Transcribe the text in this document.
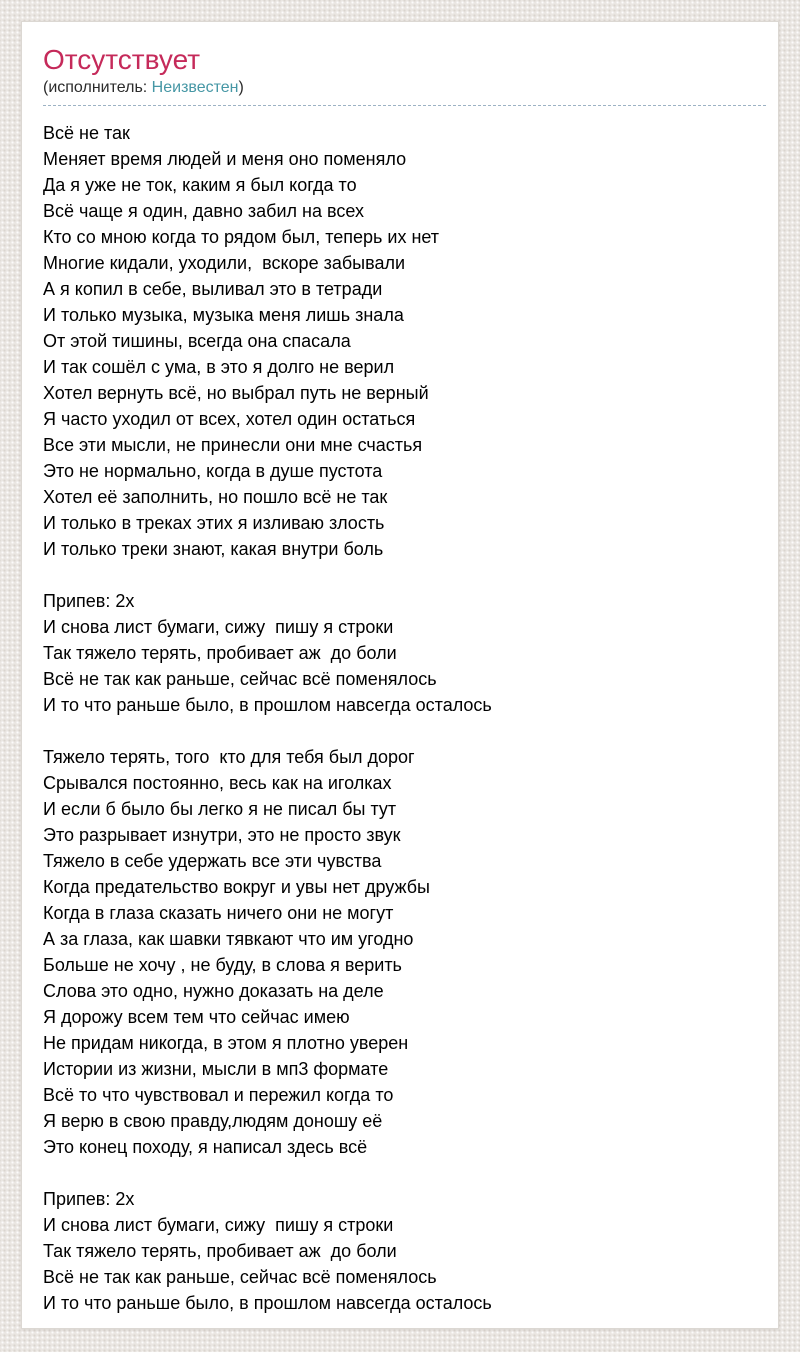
Отсутствует
(исполнитель: Неизвестен)
Всё не так
Меняет время людей и меня оно поменяло
Да я уже не ток, каким я был когда то
Всё чаще я один, давно забил на всех
Кто со мною когда то рядом был, теперь их нет
Многие кидали, уходили,  вскоре забывали
А я копил в себе, выливал это в тетради
И только музыка, музыка меня лишь знала
От этой тишины, всегда она спасала
И так сошёл с ума, в это я долго не верил
Хотел вернуть всё, но выбрал путь не верный
Я часто уходил от всех, хотел один остаться
Все эти мысли, не принесли они мне счастья
Это не нормально, когда в душе пустота
Хотел её заполнить, но пошло всё не так
И только в треках этих я изливаю злость
И только треки знают, какая внутри боль

Припев: 2х
И снова лист бумаги, сижу  пишу я строки
Так тяжело терять, пробивает аж  до боли
Всё не так как раньше, сейчас всё поменялось
И то что раньше было, в прошлом навсегда осталось

Тяжело терять, того  кто для тебя был дорог
Срывался постоянно, весь как на иголках
И если б было бы легко я не писал бы тут
Это разрывает изнутри, это не просто звук
Тяжело в себе удержать все эти чувства
Когда предательство вокруг и увы нет дружбы
Когда в глаза сказать ничего они не могут
А за глаза, как шавки тявкают что им угодно
Больше не хочу , не буду, в слова я верить
Слова это одно, нужно доказать на деле
Я дорожу всем тем что сейчас имею
Не придам никогда, в этом я плотно уверен
Истории из жизни, мысли в мп3 формате
Всё то что чувствовал и пережил когда то
Я верю в свою правду,людям доношу её
Это конец походу, я написал здесь всё

Припев: 2х
И снова лист бумаги, сижу  пишу я строки
Так тяжело терять, пробивает аж  до боли
Всё не так как раньше, сейчас всё поменялось
И то что раньше было, в прошлом навсегда осталось
